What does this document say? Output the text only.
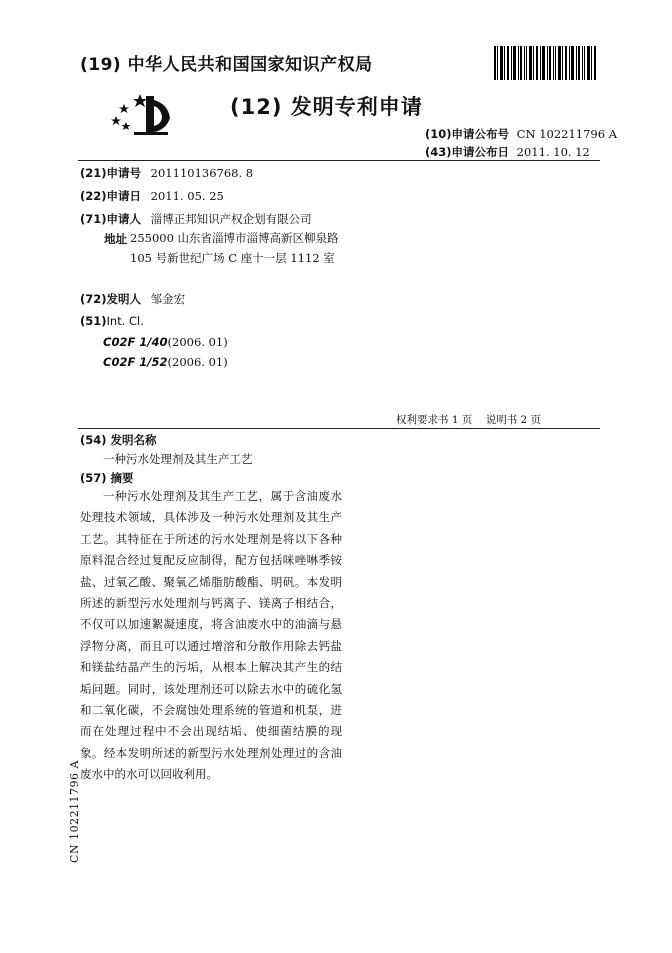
(19) 中华人民共和国国家知识产权局
(12) 发明专利申请
(10)申请公布号 CN 102211796 A
(43)申请公布日 2011. 10. 12
(21)申请号 201110136768. 8
(22)申请日 2011. 05. 25
(71)申请人 淄博正邦知识产权企划有限公司
地址 255000 山东省淄博市淄博高新区柳泉路 105 号新世纪广场 C 座十一层 1112 室
(72)发明人 邹金宏
(51)Int. Cl.
C02F 1/40(2006. 01)
C02F 1/52(2006. 01)
权利要求书 1 页    说明书 2 页
(54) 发明名称
一种污水处理剂及其生产工艺
(57) 摘要
一种污水处理剂及其生产工艺，属于含油废水处理技术领域，具体涉及一种污水处理剂及其生产工艺。其特征在于所述的污水处理剂是将以下各种原料混合经过复配反应制得，配方包括咪唑啉季铵盐、过氧乙酸、聚氧乙烯脂肪酸酯、明矾。本发明所述的新型污水处理剂与钙离子、镁离子相结合，不仅可以加速絮凝速度，将含油废水中的油滴与悬浮物分离，而且可以通过增溶和分散作用除去钙盐和镁盐结晶产生的污垢，从根本上解决其产生的结垢问题。同时，该处理剂还可以除去水中的硫化氢和二氧化碳，不会腐蚀处理系统的管道和机泵，进而在处理过程中不会出现结垢、使细菌结膜的现象。经本发明所述的新型污水处理剂处理过的含油废水中的水可以回收利用。
CN 102211796 A
